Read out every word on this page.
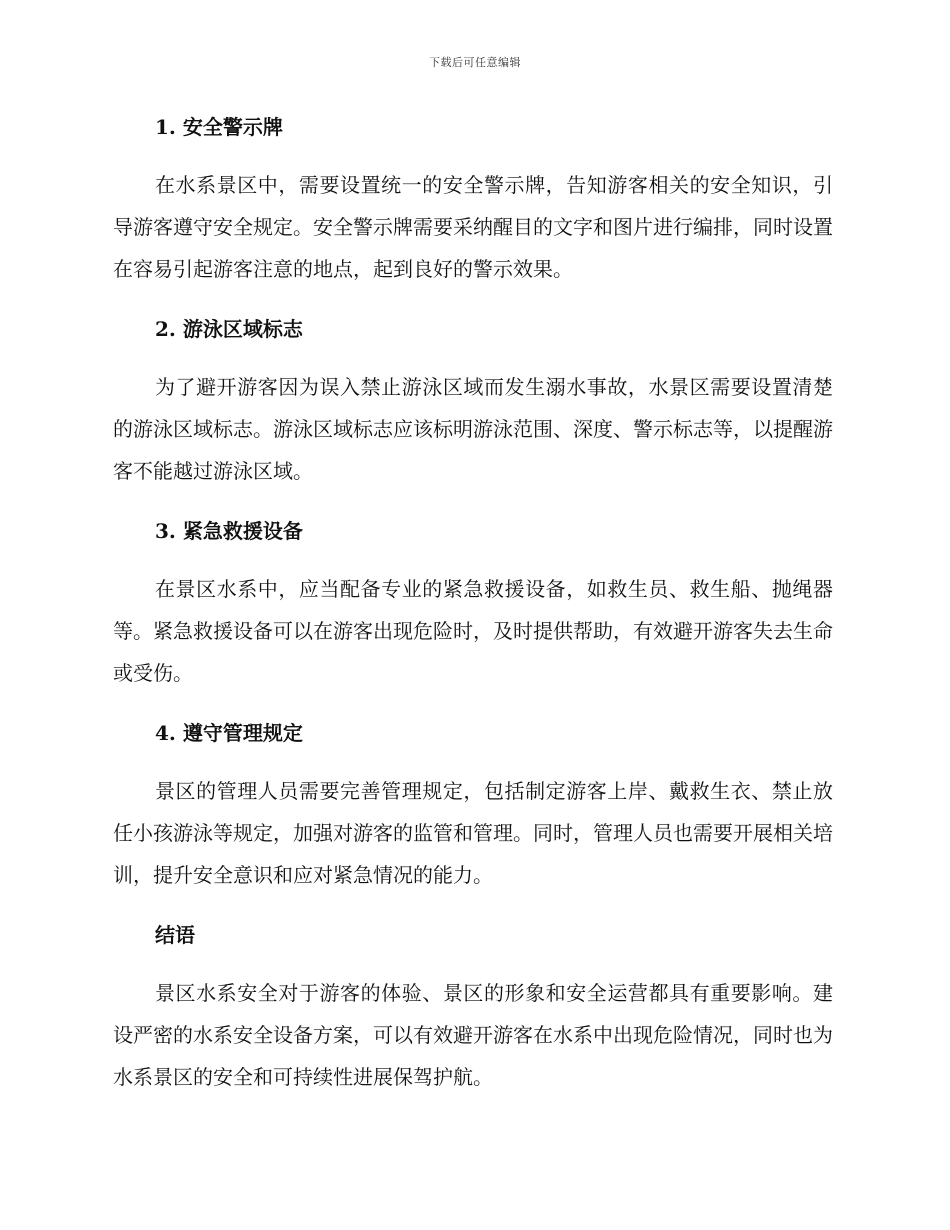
下载后可任意编辑
1. 安全警示牌

在水系景区中，需要设置统一的安全警示牌，告知游客相关的安全知识，引导游客遵守安全规定。安全警示牌需要采纳醒目的文字和图片进行编排，同时设置在容易引起游客注意的地点，起到良好的警示效果。

2. 游泳区域标志

为了避开游客因为误入禁止游泳区域而发生溺水事故，水景区需要设置清楚的游泳区域标志。游泳区域标志应该标明游泳范围、深度、警示标志等，以提醒游客不能越过游泳区域。

3. 紧急救援设备

在景区水系中，应当配备专业的紧急救援设备，如救生员、救生船、抛绳器等。紧急救援设备可以在游客出现危险时，及时提供帮助，有效避开游客失去生命或受伤。

4. 遵守管理规定

景区的管理人员需要完善管理规定，包括制定游客上岸、戴救生衣、禁止放任小孩游泳等规定，加强对游客的监管和管理。同时，管理人员也需要开展相关培训，提升安全意识和应对紧急情况的能力。

结语

景区水系安全对于游客的体验、景区的形象和安全运营都具有重要影响。建设严密的水系安全设备方案，可以有效避开游客在水系中出现危险情况，同时也为水系景区的安全和可持续性进展保驾护航。
